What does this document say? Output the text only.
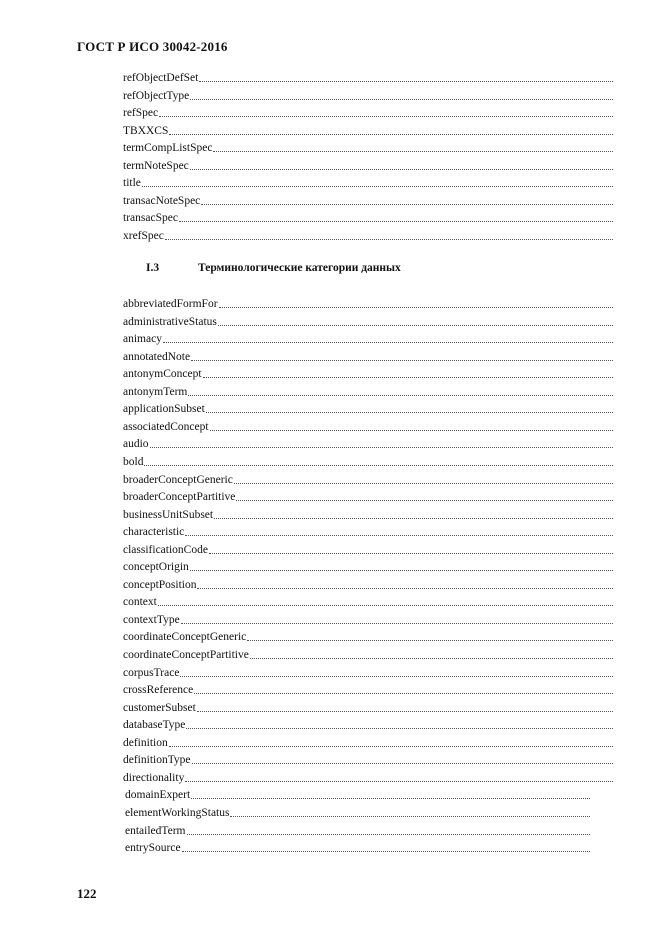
ГОСТ Р ИСО 30042-2016
refObjectDefSet
refObjectType
refSpec
TBXXCS
termCompListSpec
termNoteSpec
title
transacNoteSpec
transacSpec
xrefSpec
I.3	Терминологические категории данных
abbreviatedFormFor
administrativeStatus
animacy
annotatedNote
antonymConcept
antonymTerm
applicationSubset
associatedConcept
audio
bold
broaderConceptGeneric
broaderConceptPartitive
businessUnitSubset
characteristic
classificationCode
conceptOrigin
conceptPosition
context
contextType
coordinateConceptGeneric
coordinateConceptPartitive
corpusTrace
crossReference
customerSubset
databaseType
definition
definitionType
directionality
domainExpert
elementWorkingStatus
entailedTerm
entrySource
122
